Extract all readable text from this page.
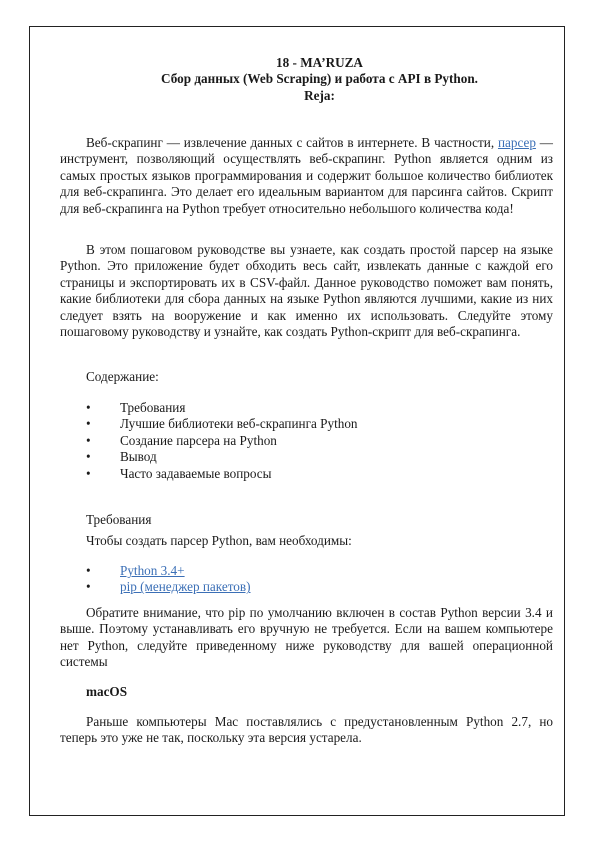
18 - MA’RUZA
Сбор данных (Web Scraping) и работа с API в Python.
Reja:
Веб-скрапинг — извлечение данных с сайтов в интернете. В частности, парсер —инструмент, позволяющий осуществлять веб-скрапинг. Python является одним из самых простых языков программирования и содержит большое количество библиотек для веб-скрапинга. Это делает его идеальным вариантом для парсинга сайтов. Скрипт для веб-скрапинга на Python требует относительно небольшого количества кода!
В этом пошаговом руководстве вы узнаете, как создать простой парсер на языке Python. Это приложение будет обходить весь сайт, извлекать данные с каждой его страницы и экспортировать их в CSV-файл. Данное руководство поможет вам понять, какие библиотеки для сбора данных на языке Python являются лучшими, какие из них следует взять на вооружение и как именно их использовать. Следуйте этому пошаговому руководству и узнайте, как создать Python-скрипт для веб-скрапинга.
Содержание:
• Требования
• Лучшие библиотеки веб-скрапинга Python
• Создание парсера на Python
• Вывод
• Часто задаваемые вопросы
Требования
Чтобы создать парсер Python, вам необходимы:
• Python 3.4+
• pip (менеджер пакетов)
Обратите внимание, что pip по умолчанию включен в состав Python версии 3.4 и выше. Поэтому устанавливать его вручную не требуется. Если на вашем компьютере нет Python, следуйте приведенному ниже руководству для вашей операционной системы
macOS
Раньше компьютеры Mac поставлялись с предустановленным Python 2.7, но теперь это уже не так, поскольку эта версия устарела.
